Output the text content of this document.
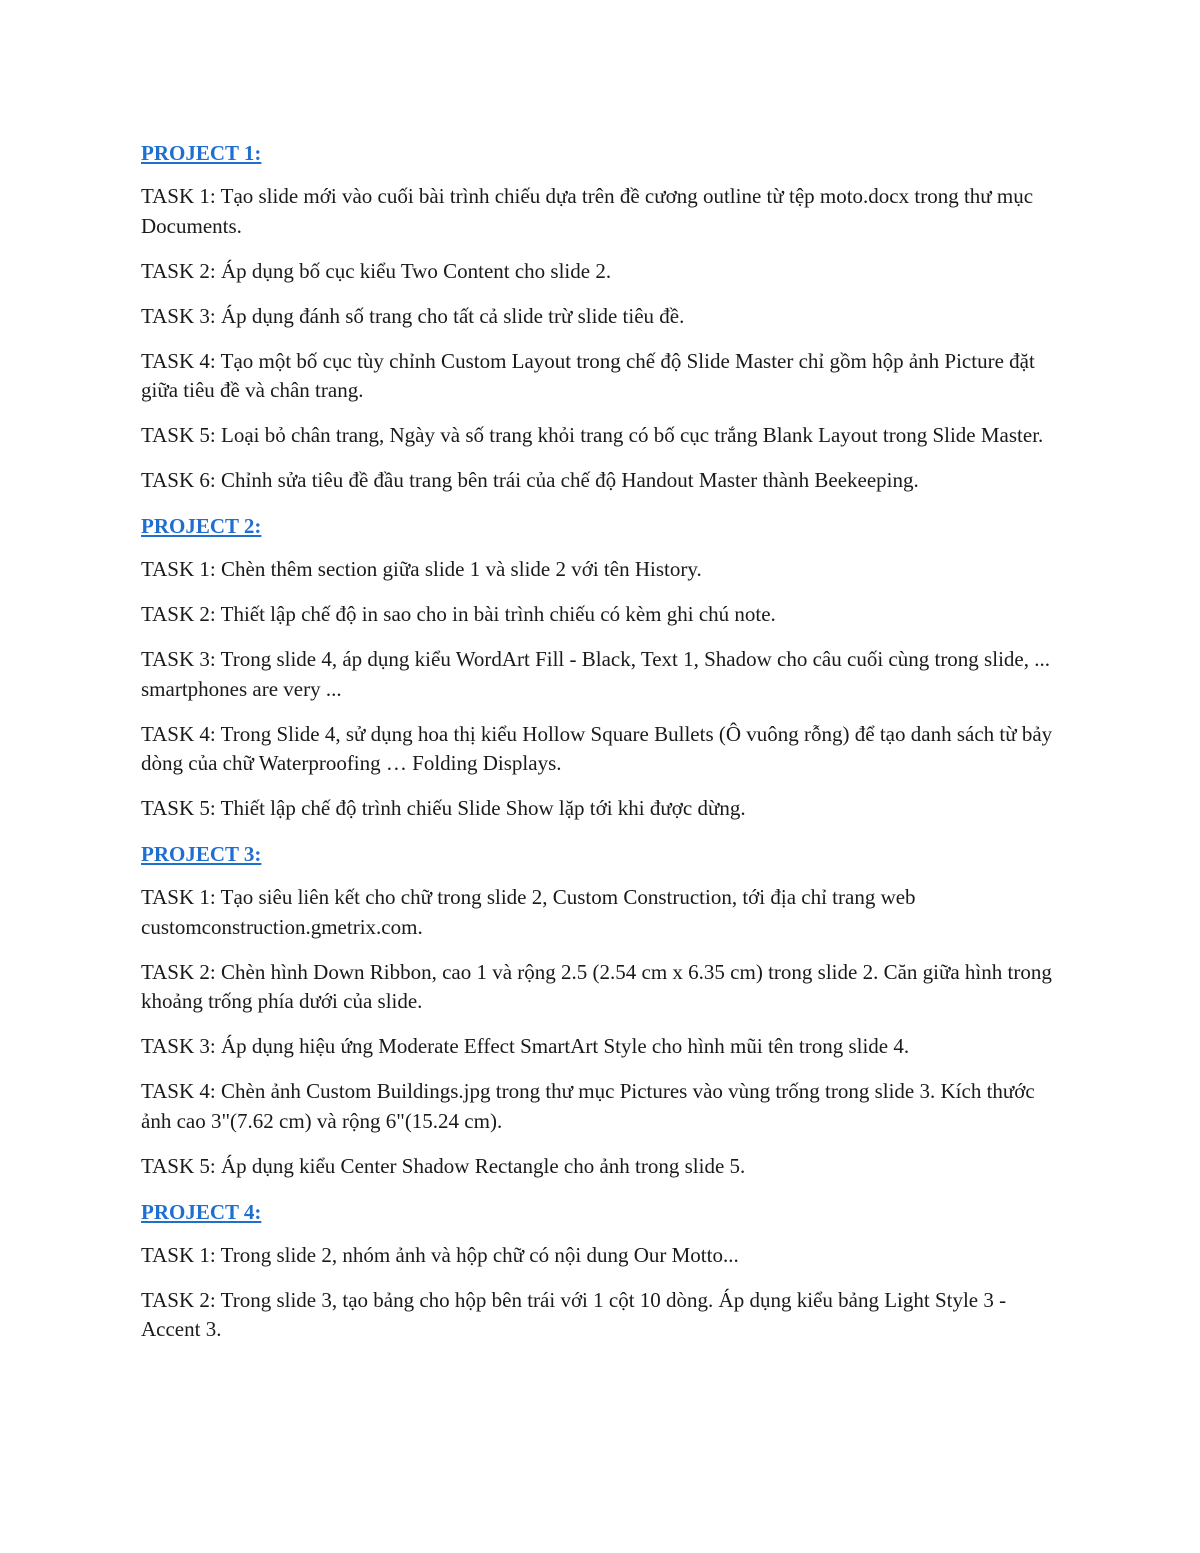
PROJECT 1:

TASK 1: Tạo slide mới vào cuối bài trình chiếu dựa trên đề cương outline từ tệp moto.docx trong thư mục Documents.

TASK 2: Áp dụng bố cục kiểu Two Content cho slide 2.

TASK 3: Áp dụng đánh số trang cho tất cả slide trừ slide tiêu đề.

TASK 4: Tạo một bố cục tùy chỉnh Custom Layout trong chế độ Slide Master chỉ gồm hộp ảnh Picture đặt giữa tiêu đề và chân trang.

TASK 5: Loại bỏ chân trang, Ngày và số trang khỏi trang có bố cục trắng Blank Layout trong Slide Master.

TASK 6: Chỉnh sửa tiêu đề đầu trang bên trái của chế độ Handout Master thành Beekeeping.

PROJECT 2:

TASK 1: Chèn thêm section giữa slide 1 và slide 2 với tên History.

TASK 2: Thiết lập chế độ in sao cho in bài trình chiếu có kèm ghi chú note.

TASK 3: Trong slide 4, áp dụng kiểu WordArt Fill - Black, Text 1, Shadow cho câu cuối cùng trong slide, ... smartphones are very ...

TASK 4: Trong Slide 4, sử dụng hoa thị kiểu Hollow Square Bullets (Ô vuông rỗng) để tạo danh sách từ bảy dòng của chữ Waterproofing … Folding Displays.

TASK 5: Thiết lập chế độ trình chiếu Slide Show lặp tới khi được dừng.

PROJECT 3:

TASK 1: Tạo siêu liên kết cho chữ trong slide 2, Custom Construction, tới địa chỉ trang web customconstruction.gmetrix.com.

TASK 2: Chèn hình Down Ribbon, cao 1 và rộng 2.5 (2.54 cm x 6.35 cm) trong slide 2. Căn giữa hình trong khoảng trống phía dưới của slide.

TASK 3: Áp dụng hiệu ứng Moderate Effect SmartArt Style cho hình mũi tên trong slide 4.

TASK 4: Chèn ảnh Custom Buildings.jpg trong thư mục Pictures vào vùng trống trong slide 3. Kích thước ảnh cao 3"(7.62 cm) và rộng 6"(15.24 cm).

TASK 5: Áp dụng kiểu Center Shadow Rectangle cho ảnh trong slide 5.

PROJECT 4:

TASK 1: Trong slide 2, nhóm ảnh và hộp chữ có nội dung Our Motto...

TASK 2: Trong slide 3, tạo bảng cho hộp bên trái với 1 cột 10 dòng. Áp dụng kiểu bảng Light Style 3 - Accent 3.
